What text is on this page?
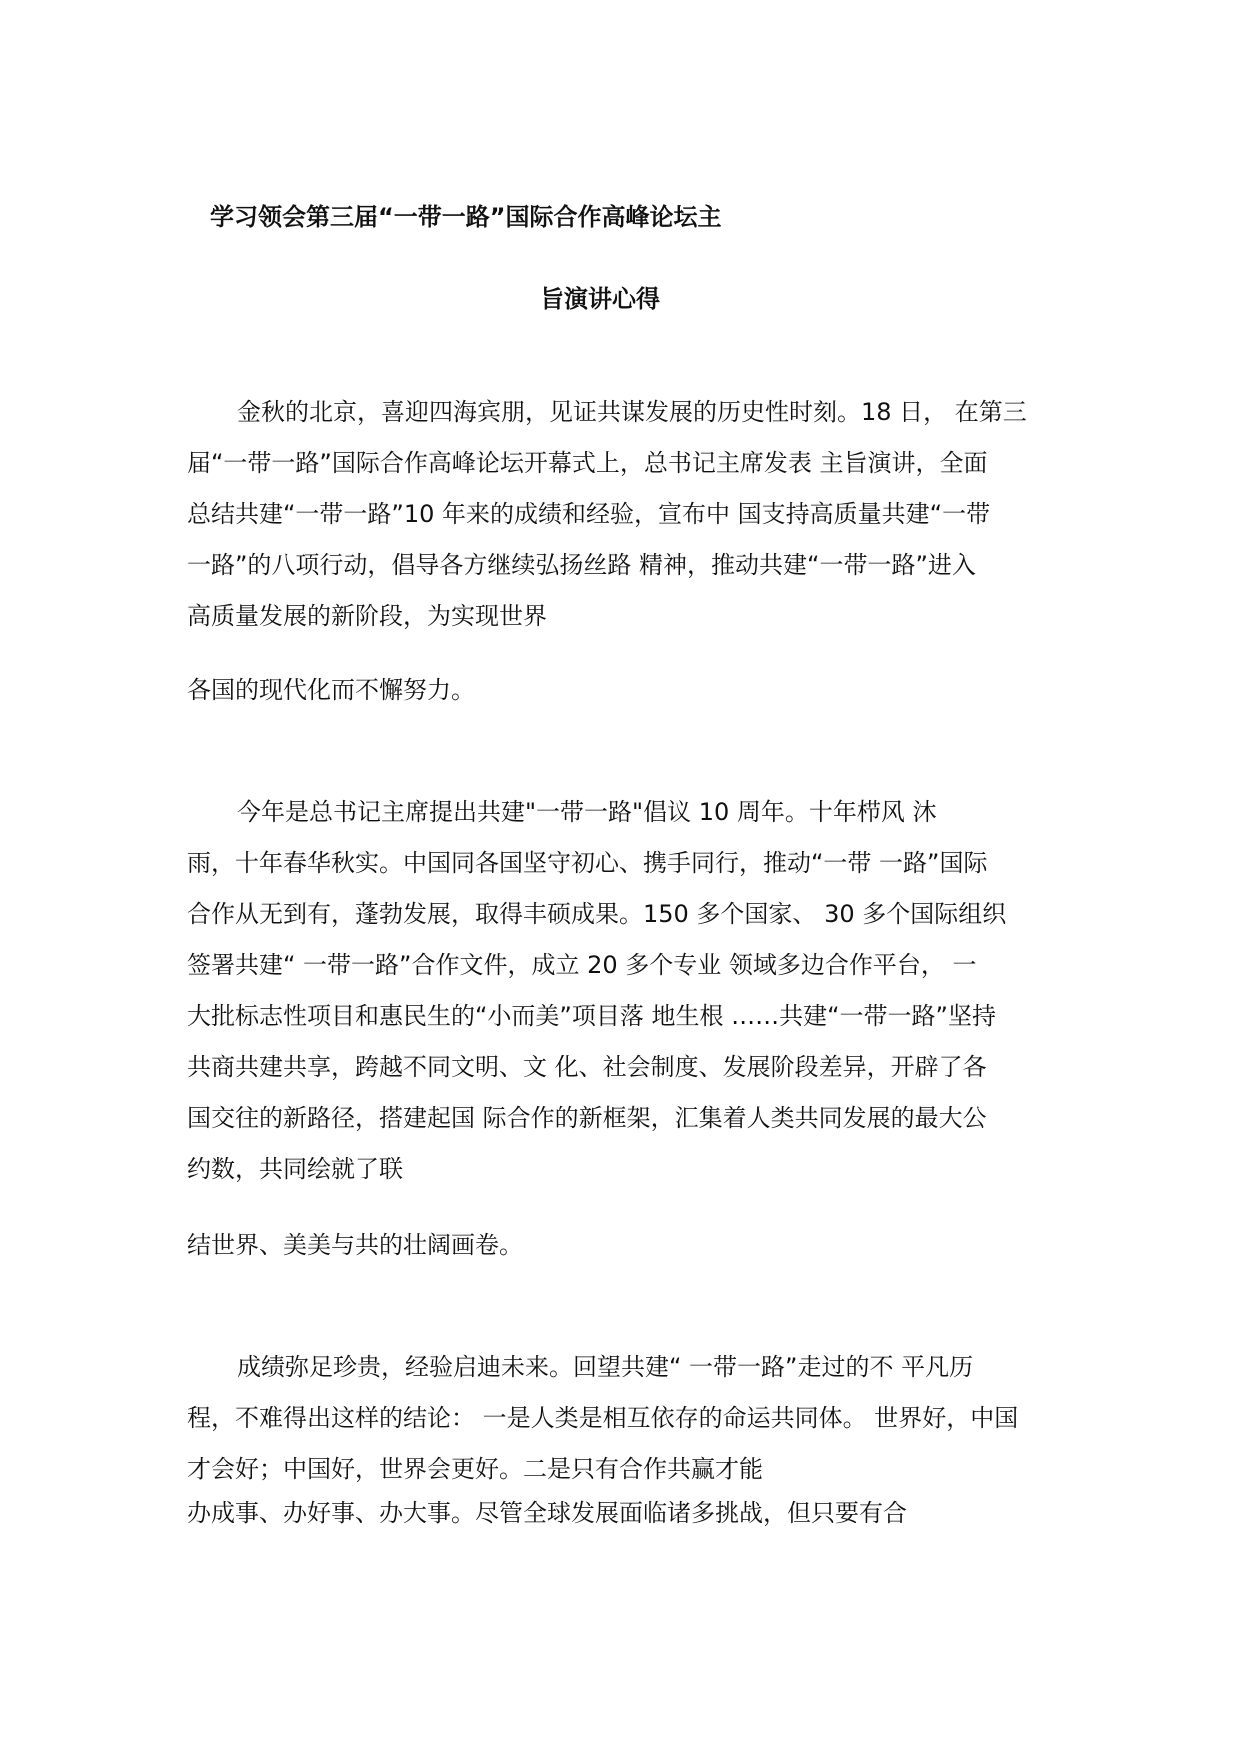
学习领会第三届“一带一路”国际合作高峰论坛主
旨演讲心得
金秋的北京，喜迎四海宾朋，见证共谋发展的历史性时刻。18 日， 在第三
届“一带一路”国际合作高峰论坛开幕式上，总书记主席发表 主旨演讲，全面
总结共建“一带一路”10 年来的成绩和经验，宣布中 国支持高质量共建“一带
一路”的八项行动，倡导各方继续弘扬丝路 精神，推动共建“一带一路”进入
高质量发展的新阶段，为实现世界
各国的现代化而不懈努力。
今年是总书记主席提出共建"一带一路"倡议 10 周年。十年栉风 沐
雨，十年春华秋实。中国同各国坚守初心、携手同行，推动“一带 一路”国际
合作从无到有，蓬勃发展，取得丰硕成果。150 多个国家、 30 多个国际组织
签署共建“ 一带一路”合作文件，成立 20 多个专业 领域多边合作平台， 一
大批标志性项目和惠民生的“小而美”项目落 地生根 ……共建“一带一路”坚持
共商共建共享，跨越不同文明、文 化、社会制度、发展阶段差异，开辟了各
国交往的新路径，搭建起国 际合作的新框架，汇集着人类共同发展的最大公
约数，共同绘就了联
结世界、美美与共的壮阔画卷。
成绩弥足珍贵，经验启迪未来。回望共建“ 一带一路”走过的不 平凡历
程，不难得出这样的结论： 一是人类是相互依存的命运共同体。 世界好，中国
才会好；中国好，世界会更好。二是只有合作共赢才能
办成事、办好事、办大事。尽管全球发展面临诸多挑战，但只要有合
